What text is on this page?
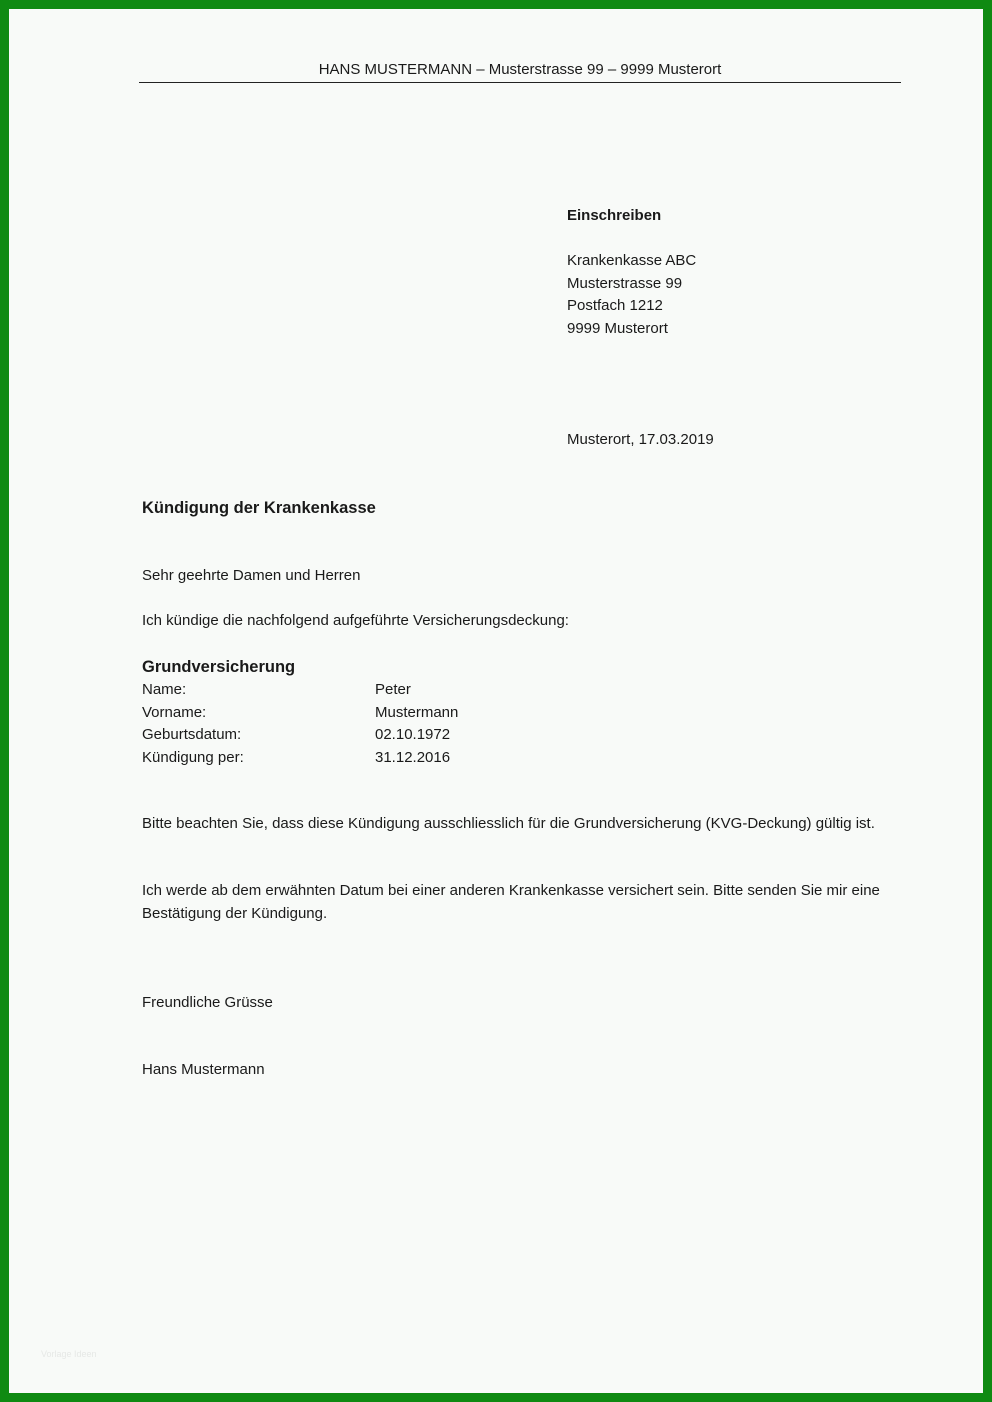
HANS MUSTERMANN – Musterstrasse 99 – 9999 Musterort
Einschreiben
Krankenkasse ABC
Musterstrasse 99
Postfach 1212
9999 Musterort
Musterort, 17.03.2019
Kündigung der Krankenkasse
Sehr geehrte Damen und Herren
Ich kündige die nachfolgend aufgeführte Versicherungsdeckung:
Grundversicherung
Name:	Peter
Vorname:	Mustermann
Geburtsdatum:	02.10.1972
Kündigung per:	31.12.2016
Bitte beachten Sie, dass diese Kündigung ausschliesslich für die Grundversicherung (KVG-Deckung) gültig ist.
Ich werde ab dem erwähnten Datum bei einer anderen Krankenkasse versichert sein. Bitte senden Sie mir eine Bestätigung der Kündigung.
Freundliche Grüsse
Hans Mustermann
Vorlage Ideen
